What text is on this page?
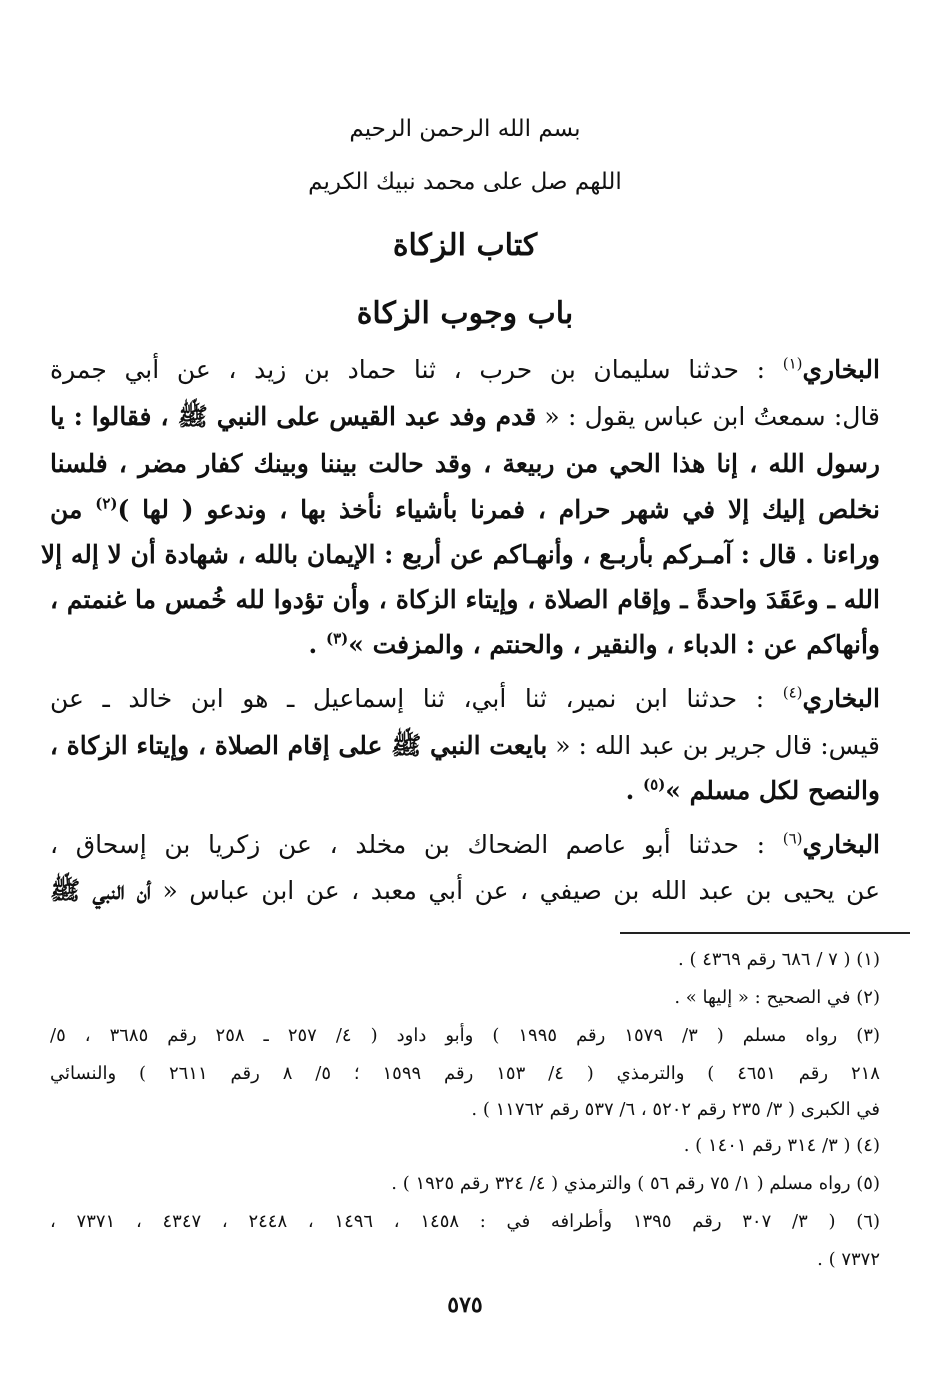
بسم الله الرحمن الرحيم
اللهم صل على محمد نبيك الكريم
كتاب الزكاة
باب وجوب الزكاة
البخاري$^{(١)}$ : حدثنا سليمان بن حرب ، ثنا حماد بن زيد ، عن أبي جمرة
قال: سمعتُ ابن عباس يقول : « قدم وفد عبد القيس على النبي ﷺ ، فقالوا : يا
رسول الله ، إنا هذا الحي من ربيعة ، وقد حالت بيننا وبينك كفار مضر ، فلسنا
نخلص إليك إلا في شهر حرام ، فمرنا بأشياء نأخذ بها ، وندعو ( لها )$^{(٢)}$ من
وراءنا . قال : آمـركم بأربـع ، وأنهـاكم عن أربع : الإيمان بالله ، شهادة أن لا إله إلا
الله ـ وعَقَدَ واحدةً ـ وإقام الصلاة ، وإيتاء الزكاة ، وأن تؤدوا لله خُمس ما غنمتم ،
وأنهاكم عن : الدباء ، والنقير ، والحنتم ، والمزفت »$^{(٣)}$ .
البخاري$^{(٤)}$ : حدثنا ابن نمير، ثنا أبي، ثنا إسماعيل ـ هو ابن خالد ـ عن
قيس: قال جرير بن عبد الله : « بايعت النبي ﷺ على إقام الصلاة ، وإيتاء الزكاة ،
والنصح لكل مسلم »$^{(٥)}$ .
البخاري$^{(٦)}$ : حدثنا أبو عاصم الضحاك بن مخلد ، عن زكريا بن إسحاق ،
عن يحيى بن عبد الله بن صيفي ، عن أبي معبد ، عن ابن عباس « أن النبي ﷺ
(١) ( ٧ / ٦٨٦ رقم ٤٣٦٩ ) .
(٢) في الصحيح : « إليها » .
(٣) رواه مسلم ( ٣/ ١٥٧٩ رقم ١٩٩٥ ) وأبو داود ( ٤/ ٢٥٧ ـ ٢٥٨ رقم ٣٦٨٥ ، ٥/
٢١٨ رقم ٤٦٥١ ) والترمذي ( ٤/ ١٥٣ رقم ١٥٩٩ ؛ ٥/ ٨ رقم ٢٦١١ ) والنسائي
في الكبرى ( ٣/ ٢٣٥ رقم ٥٢٠٢ ، ٦/ ٥٣٧ رقم ١١٧٦٢ ) .
(٤) ( ٣/ ٣١٤ رقم ١٤٠١ ) .
(٥) رواه مسلم ( ١/ ٧٥ رقم ٥٦ ) والترمذي ( ٤/ ٣٢٤ رقم ١٩٢٥ ) .
(٦) ( ٣/ ٣٠٧ رقم ١٣٩٥ وأطرافه في : ١٤٥٨ ، ١٤٩٦ ، ٢٤٤٨ ، ٤٣٤٧ ، ٧٣٧١ ،
٧٣٧٢ ) .
٥٧٥
